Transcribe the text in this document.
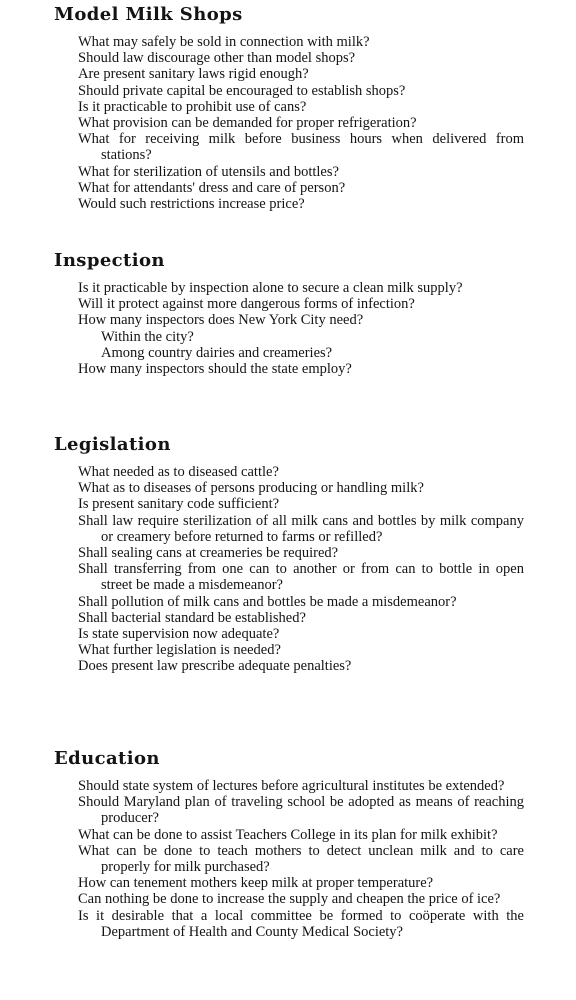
Model Milk Shops
What may safely be sold in connection with milk?
Should law discourage other than model shops?
Are present sanitary laws rigid enough?
Should private capital be encouraged to establish shops?
Is it practicable to prohibit use of cans?
What provision can be demanded for proper refrigeration?
What for receiving milk before business hours when delivered from stations?
What for sterilization of utensils and bottles?
What for attendants' dress and care of person?
Would such restrictions increase price?
Inspection
Is it practicable by inspection alone to secure a clean milk supply?
Will it protect against more dangerous forms of infection?
How many inspectors does New York City need?
Within the city?
Among country dairies and creameries?
How many inspectors should the state employ?
Legislation
What needed as to diseased cattle?
What as to diseases of persons producing or handling milk?
Is present sanitary code sufficient?
Shall law require sterilization of all milk cans and bottles by milk company or creamery before returned to farms or refilled?
Shall sealing cans at creameries be required?
Shall transferring from one can to another or from can to bottle in open street be made a misdemeanor?
Shall pollution of milk cans and bottles be made a misdemeanor?
Shall bacterial standard be established?
Is state supervision now adequate?
What further legislation is needed?
Does present law prescribe adequate penalties?
Education
Should state system of lectures before agricultural institutes be extended?
Should Maryland plan of traveling school be adopted as means of reaching producer?
What can be done to assist Teachers College in its plan for milk exhibit?
What can be done to teach mothers to detect unclean milk and to care properly for milk purchased?
How can tenement mothers keep milk at proper temperature?
Can nothing be done to increase the supply and cheapen the price of ice?
Is it desirable that a local committee be formed to coöperate with the Department of Health and County Medical Society?
